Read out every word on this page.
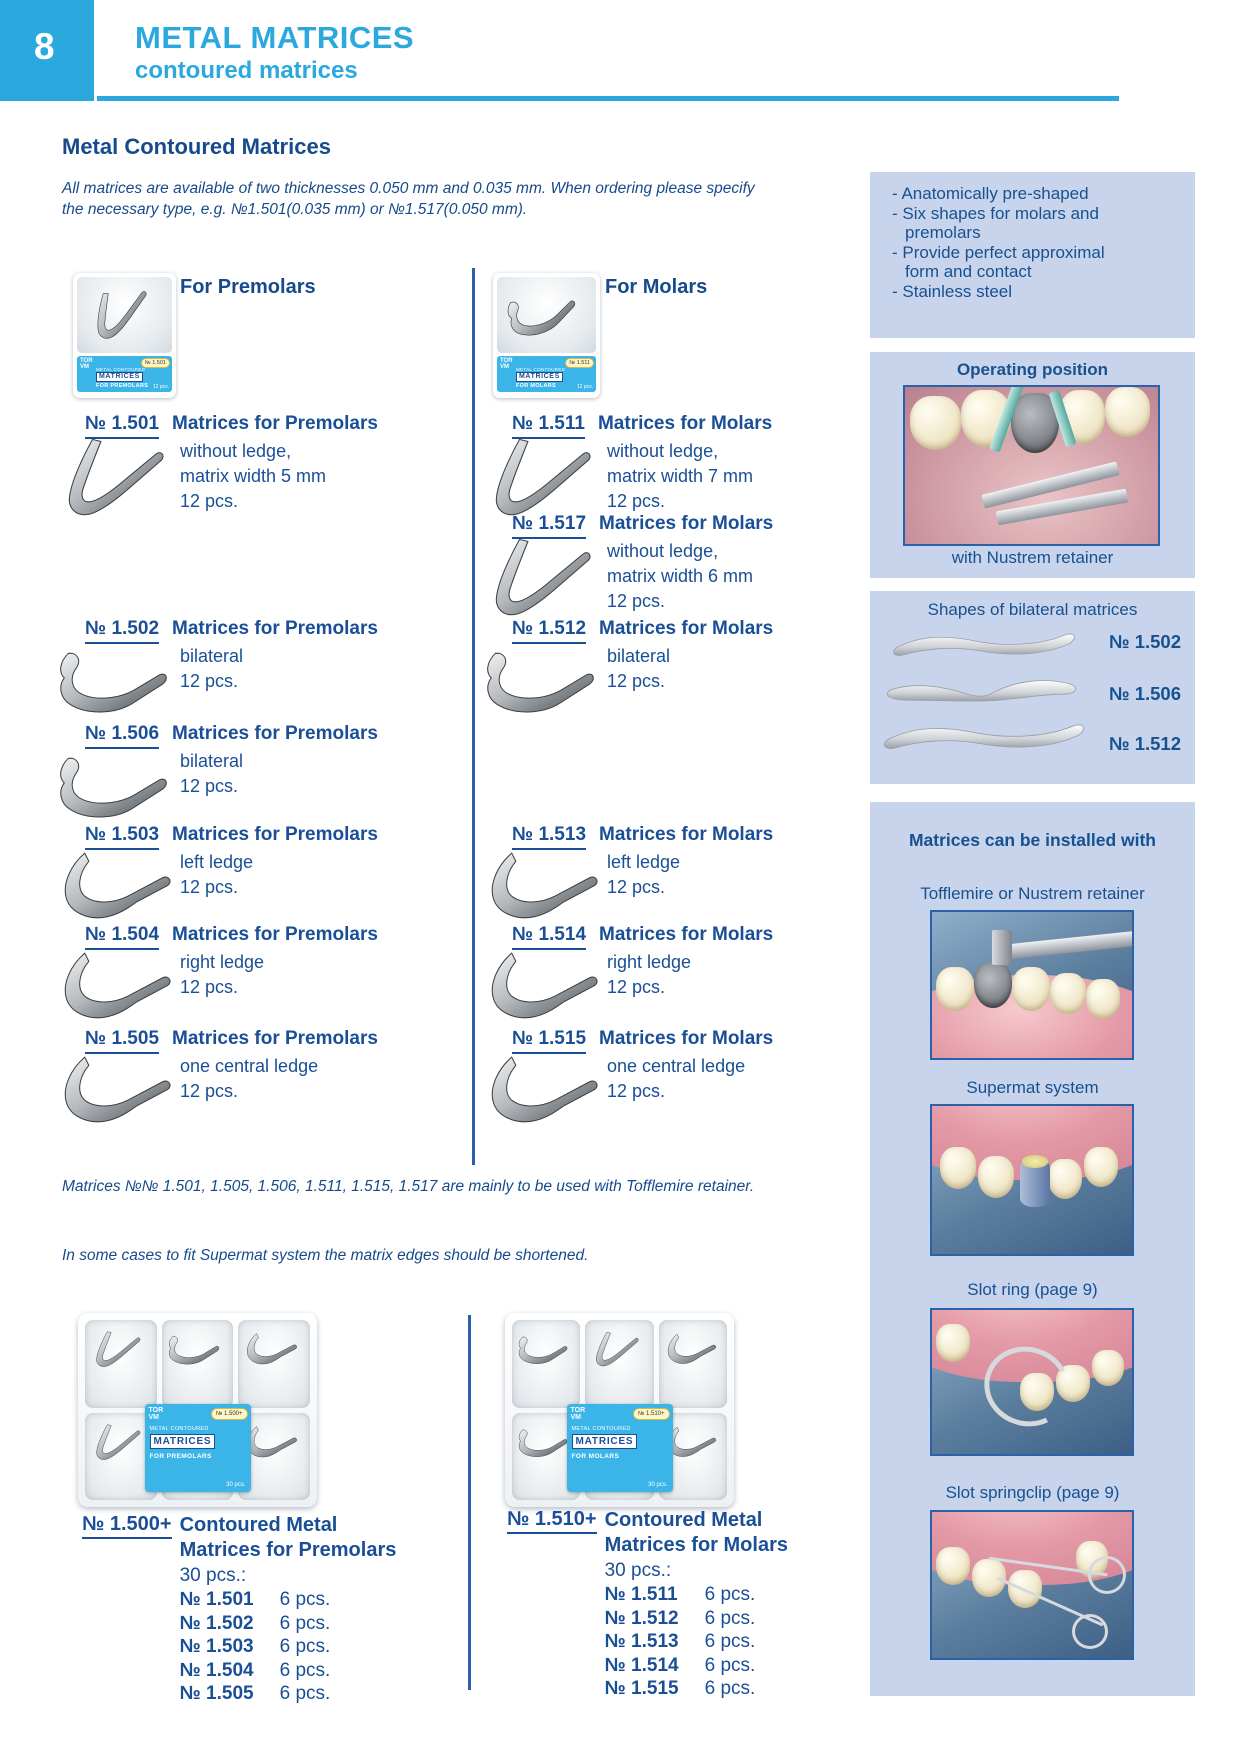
8	METAL MATRICES
contoured matrices
Metal Contoured Matrices
All matrices are available of two thicknesses 0.050 mm and 0.035 mm. When ordering please specify the necessary type, e.g. №1.501(0.035 mm) or №1.517(0.050 mm).
For Premolars	For Molars
TOR
VM
№ 1.501
METAL CONTOURED
MATRICES
FOR PREMOLARS 12 pcs.
TOR
VM
№ 1.511
METAL CONTOURED
MATRICES
FOR MOLARS	12 pcs.
№ 1.501 Matrices for Premolars
without ledge,
matrix width 5 mm
12 pcs.
№ 1.502 Matrices for Premolars
bilateral
12 pcs.
№ 1.506 Matrices for Premolars
bilateral
12 pcs.
№ 1.503 Matrices for Premolars
left ledge
12 pcs.
№ 1.504 Matrices for Premolars
right ledge
12 pcs.
№ 1.505 Matrices for Premolars
one central ledge
12 pcs.
№ 1.511 Matrices for Molars
without ledge,
matrix width 7 mm
12 pcs.
№ 1.517 Matrices for Molars
without ledge,
matrix width 6 mm
12 pcs.
№ 1.512 Matrices for Molars
bilateral
12 pcs.
№ 1.513 Matrices for Molars
left ledge
12 pcs.
№ 1.514 Matrices for Molars
right ledge
12 pcs.
№ 1.515 Matrices for Molars
one central ledge
12 pcs.
Matrices №№ 1.501, 1.505, 1.506, 1.511, 1.515, 1.517 are mainly to be used with Tofflemire retainer.
In some cases to fit Supermat system the matrix edges should be shortened.
TOR
VM	№ 1.500+
METAL CONTOURED
MATRICES
FOR PREMOLARS
30 pcs.
TOR
VM	№ 1.510+
METAL CONTOURED
MATRICES
FOR MOLARS
30 pcs.
№ 1.500+ Contoured Metal
Matrices for Premolars
30 pcs.:
№ 1.501	6 pcs.
№ 1.502	6 pcs.
№ 1.503	6 pcs.
№ 1.504	6 pcs.
№ 1.505	6 pcs.
№ 1.510+ Contoured Metal
Matrices for Molars
30 pcs.:
№ 1.511	6 pcs.
№ 1.512	6 pcs.
№ 1.513	6 pcs.
№ 1.514	6 pcs.
№ 1.515	6 pcs.
- Anatomically pre-shaped
- Six shapes for molars and premolars
- Provide perfect approximal form and contact
- Stainless steel
Operating position
with Nustrem retainer
Shapes of bilateral matrices
№ 1.502
№ 1.506
№ 1.512
Matrices can be installed with
Tofflemire or Nustrem retainer
Supermat system
Slot ring (page 9)
Slot springclip (page 9)
